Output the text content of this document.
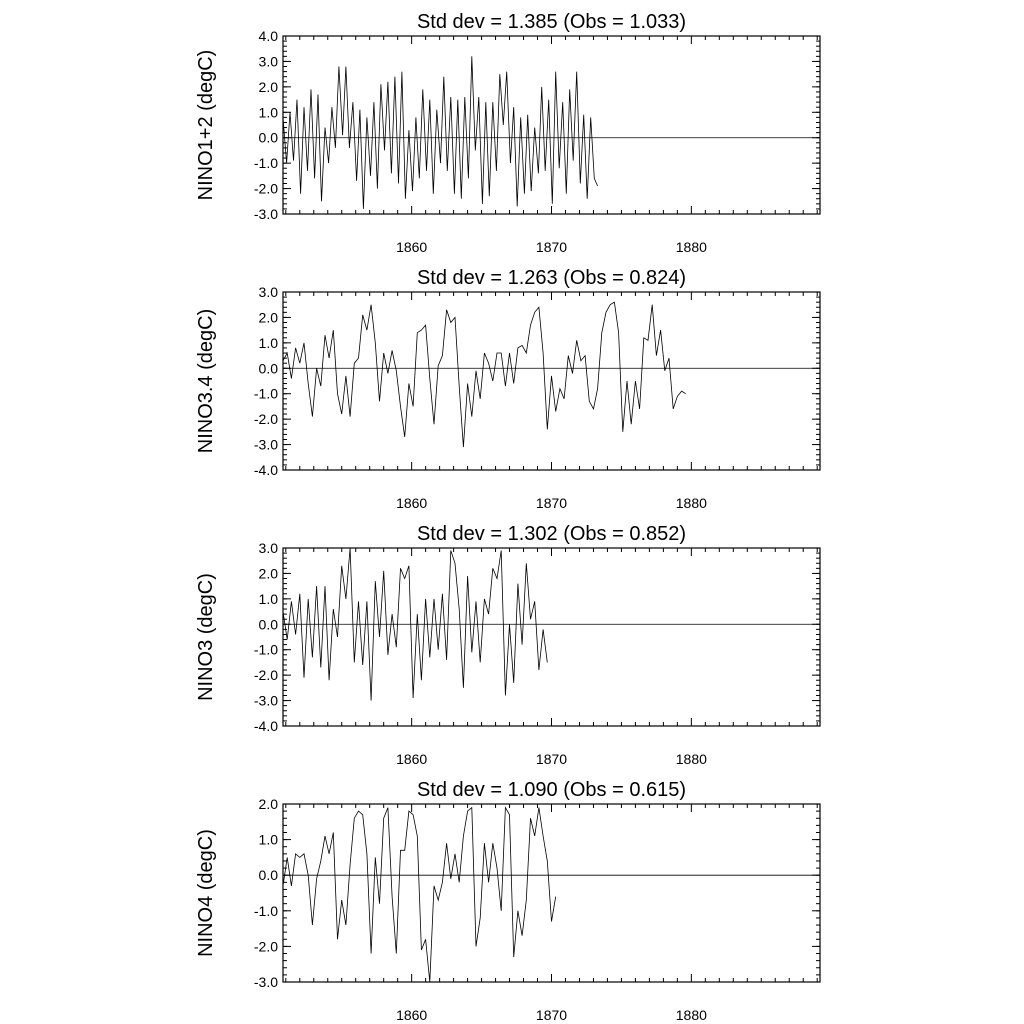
Std dev = 1.385 (Obs = 1.033)
NINO1+2 (degC)
-3.0
-2.0
-1.0
0.0
1.0
2.0
3.0
4.0
1860	1870	1880
Std dev = 1.263 (Obs = 0.824)
NINO3.4 (degC)
-4.0
-3.0
-2.0
-1.0
0.0
1.0
2.0
3.0
1860	1870	1880
Std dev = 1.302 (Obs = 0.852)
NINO3 (degC)
-4.0
-3.0
-2.0
-1.0
0.0
1.0
2.0
3.0
1860	1870	1880
Std dev = 1.090 (Obs = 0.615)
NINO4 (degC)
-3.0
-2.0
-1.0
0.0
1.0
2.0
1860	1870	1880
